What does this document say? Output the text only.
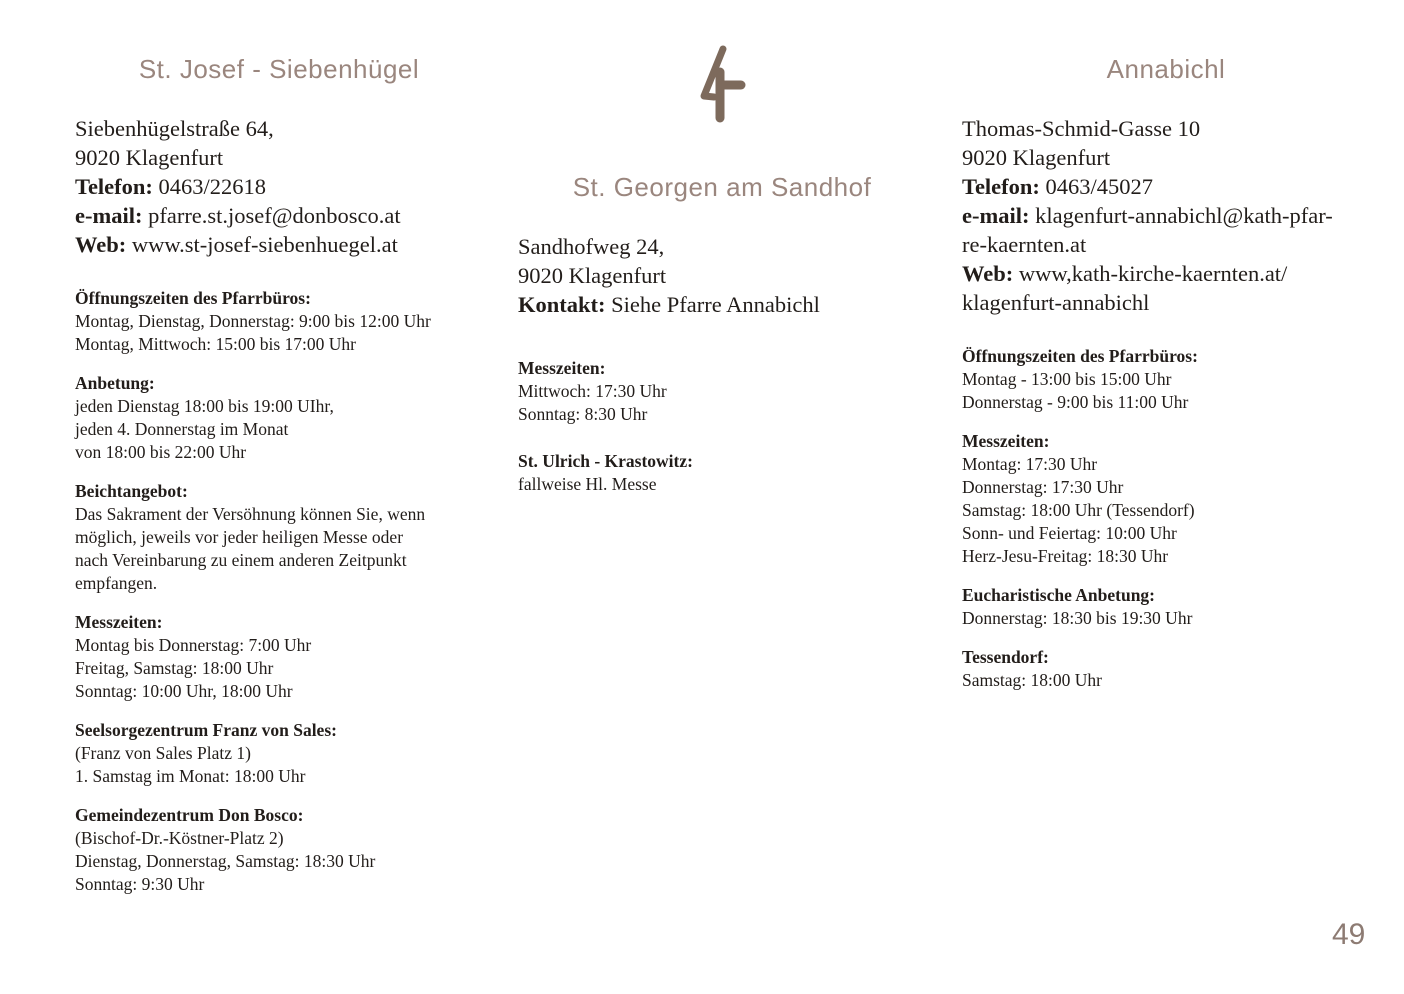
St. Josef - Siebenhügel
Siebenhügelstraße 64,
9020 Klagenfurt
Telefon: 0463/22618
e-mail: pfarre.st.josef@donbosco.at
Web: www.st-josef-siebenhuegel.at
Öffnungszeiten des Pfarrbüros:
Montag, Dienstag, Donnerstag: 9:00 bis 12:00 Uhr
Montag, Mittwoch: 15:00 bis 17:00 Uhr
Anbetung:
jeden Dienstag 18:00 bis 19:00 UIhr,
jeden 4. Donnerstag im Monat
von 18:00 bis 22:00 Uhr
Beichtangebot:
Das Sakrament der Versöhnung können Sie, wenn
möglich, jeweils vor jeder heiligen Messe oder
nach Vereinbarung zu einem anderen Zeitpunkt
empfangen.
Messzeiten:
Montag bis Donnerstag: 7:00 Uhr
Freitag, Samstag: 18:00 Uhr
Sonntag: 10:00 Uhr, 18:00 Uhr
Seelsorgezentrum Franz von Sales:
(Franz von Sales Platz 1)
1. Samstag im Monat: 18:00 Uhr
Gemeindezentrum Don Bosco:
(Bischof-Dr.-Köstner-Platz 2)
Dienstag, Donnerstag, Samstag: 18:30 Uhr
Sonntag: 9:30 Uhr
St. Georgen am Sandhof
Sandhofweg 24,
9020 Klagenfurt
Kontakt: Siehe Pfarre Annabichl
Messzeiten:
Mittwoch: 17:30 Uhr
Sonntag: 8:30 Uhr
St. Ulrich - Krastowitz:
fallweise Hl. Messe
Annabichl
Thomas-Schmid-Gasse 10
9020 Klagenfurt
Telefon: 0463/45027
e-mail: klagenfurt-annabichl@kath-pfar-
re-kaernten.at
Web: www,kath-kirche-kaernten.at/
klagenfurt-annabichl
Öffnungszeiten des Pfarrbüros:
Montag - 13:00 bis 15:00 Uhr
Donnerstag - 9:00 bis 11:00 Uhr
Messzeiten:
Montag: 17:30 Uhr
Donnerstag: 17:30 Uhr
Samstag: 18:00 Uhr (Tessendorf)
Sonn- und Feiertag: 10:00 Uhr
Herz-Jesu-Freitag: 18:30 Uhr
Eucharistische Anbetung:
Donnerstag: 18:30 bis 19:30 Uhr
Tessendorf:
Samstag: 18:00 Uhr
49
